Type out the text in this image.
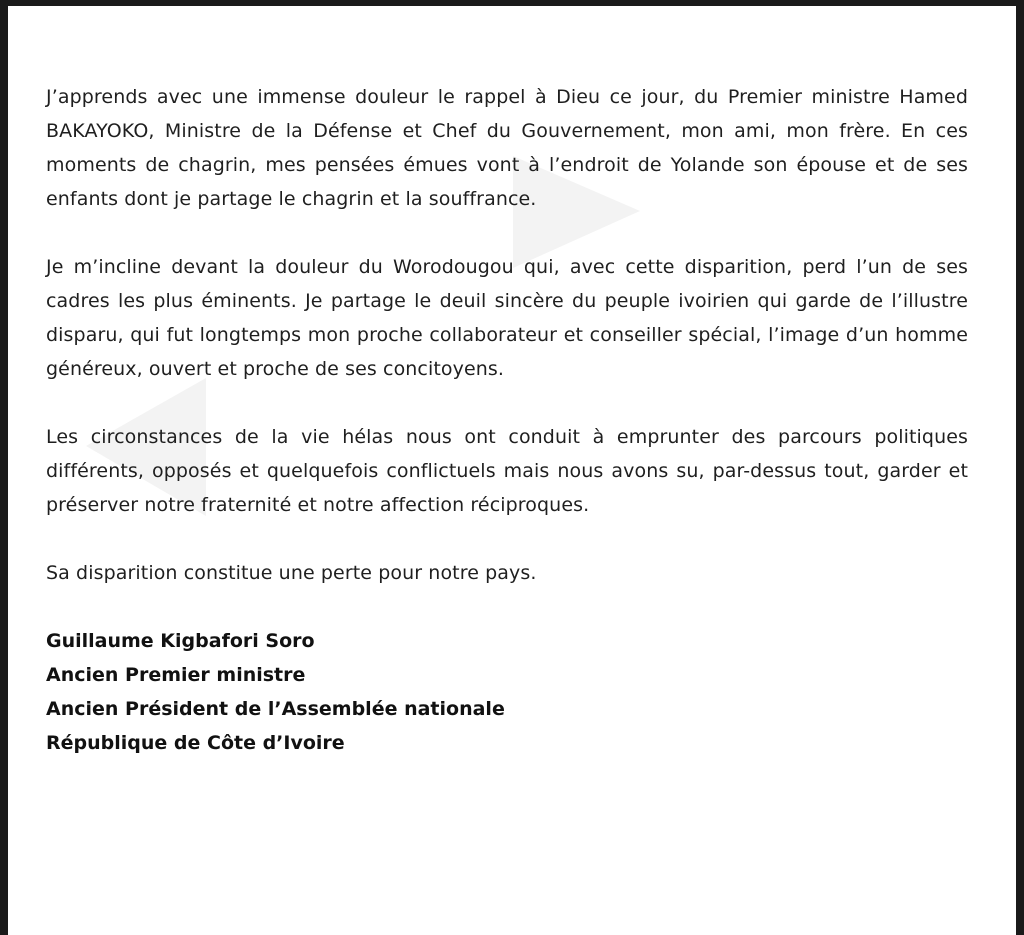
J’apprends avec une immense douleur le rappel à Dieu ce jour, du Premier ministre Hamed BAKAYOKO, Ministre de la Défense et Chef du Gouvernement, mon ami, mon frère. En ces moments de chagrin, mes pensées émues vont à l’endroit de Yolande son épouse et de ses enfants dont je partage le chagrin et la souffrance.

Je m’incline devant la douleur du Worodougou qui, avec cette disparition, perd l’un de ses cadres les plus éminents. Je partage le deuil sincère du peuple ivoirien qui garde de l’illustre disparu, qui fut longtemps mon proche collaborateur et conseiller spécial, l’image d’un homme généreux, ouvert et proche de ses concitoyens.

Les circonstances de la vie hélas nous ont conduit à emprunter des parcours politiques différents, opposés et quelquefois conflictuels mais nous avons su, par-dessus tout, garder et préserver notre fraternité et notre affection réciproques.

Sa disparition constitue une perte pour notre pays.

Guillaume Kigbafori Soro

Ancien Premier ministre

Ancien Président de l’Assemblée nationale

République de Côte d’Ivoire
